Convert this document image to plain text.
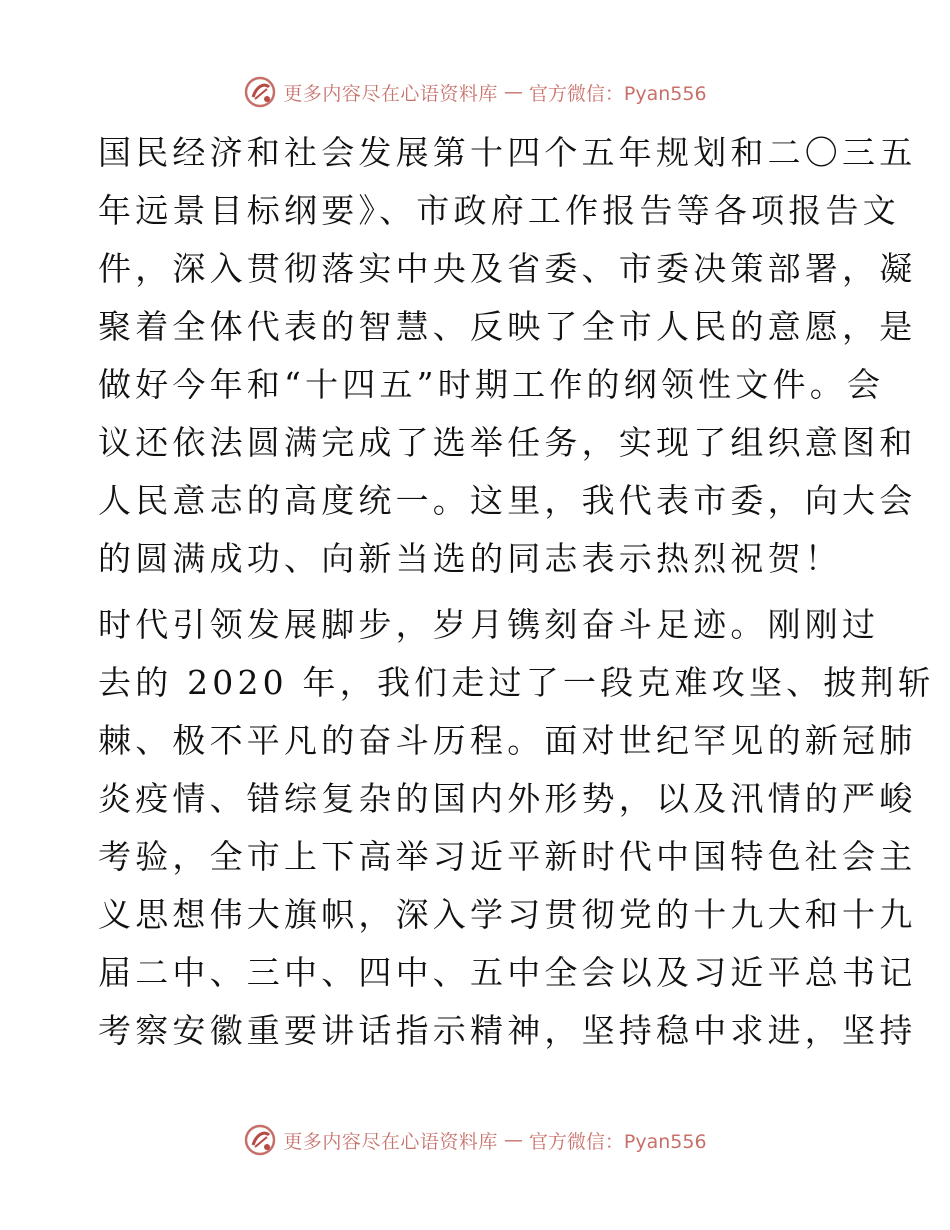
更多内容尽在心语资料库 — 官方微信：Pyan556
国民经济和社会发展第十四个五年规划和二〇三五
年远景目标纲要》、市政府工作报告等各项报告文
件，深入贯彻落实中央及省委、市委决策部署，凝
聚着全体代表的智慧、反映了全市人民的意愿，是
做好今年和“十四五”时期工作的纲领性文件。会
议还依法圆满完成了选举任务，实现了组织意图和
人民意志的高度统一。这里，我代表市委，向大会
的圆满成功、向新当选的同志表示热烈祝贺！
时代引领发展脚步，岁月镌刻奋斗足迹。刚刚过
去的 2020 年，我们走过了一段克难攻坚、披荆斩
棘、极不平凡的奋斗历程。面对世纪罕见的新冠肺
炎疫情、错综复杂的国内外形势，以及汛情的严峻
考验，全市上下高举习近平新时代中国特色社会主
义思想伟大旗帜，深入学习贯彻党的十九大和十九
届二中、三中、四中、五中全会以及习近平总书记
考察安徽重要讲话指示精神，坚持稳中求进，坚持
更多内容尽在心语资料库 — 官方微信：Pyan556
